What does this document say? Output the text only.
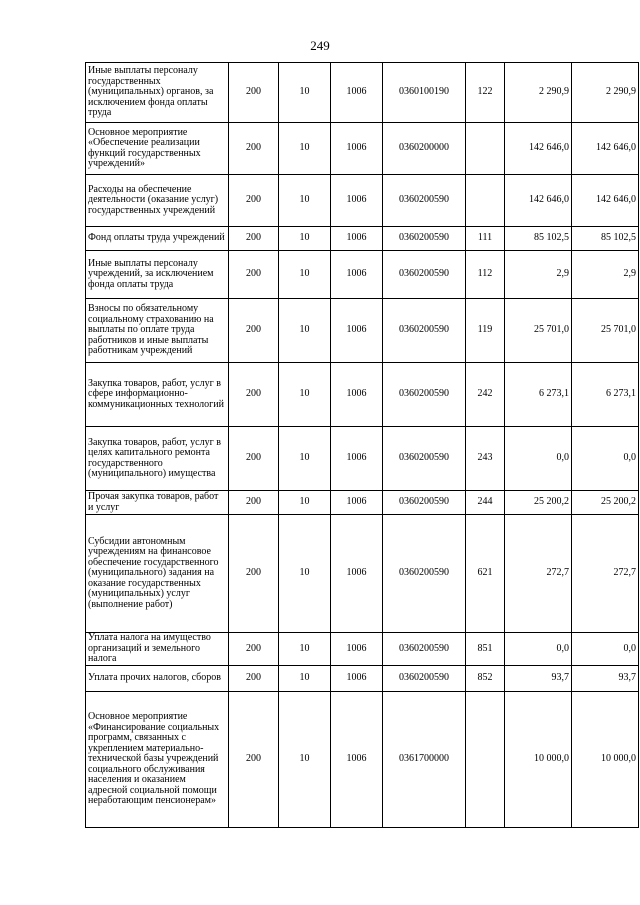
249
Иные выплаты персоналу государственных (муниципальных) органов, за исключением фонда оплаты труда	200	10	1006	0360100190	122	2 290,9	2 290,9
Основное мероприятие «Обеспечение реализации функций государственных учреждений»	200	10	1006	0360200000		142 646,0	142 646,0
Расходы на обеспечение деятельности (оказание услуг) государственных учреждений	200	10	1006	0360200590		142 646,0	142 646,0
Фонд оплаты труда учреждений	200	10	1006	0360200590	111	85 102,5	85 102,5
Иные выплаты персоналу учреждений, за исключением фонда оплаты труда	200	10	1006	0360200590	112	2,9	2,9
Взносы по обязательному социальному страхованию на выплаты по оплате труда работников и иные выплаты работникам учреждений	200	10	1006	0360200590	119	25 701,0	25 701,0
Закупка товаров, работ, услуг в сфере информационно-коммуникационных технологий	200	10	1006	0360200590	242	6 273,1	6 273,1
Закупка товаров, работ, услуг в целях капитального ремонта государственного (муниципального) имущества	200	10	1006	0360200590	243	0,0	0,0
Прочая закупка товаров, работ и услуг	200	10	1006	0360200590	244	25 200,2	25 200,2
Субсидии автономным учреждениям на финансовое обеспечение государственного (муниципального) задания на оказание государственных (муниципальных) услуг (выполнение работ)	200	10	1006	0360200590	621	272,7	272,7
Уплата налога на имущество организаций и земельного налога	200	10	1006	0360200590	851	0,0	0,0
Уплата прочих налогов, сборов	200	10	1006	0360200590	852	93,7	93,7
Основное мероприятие «Финансирование социальных программ, связанных с укреплением материально-технической базы учреждений социального обслуживания населения и оказанием адресной социальной помощи неработающим пенсионерам»	200	10	1006	0361700000		10 000,0	10 000,0
